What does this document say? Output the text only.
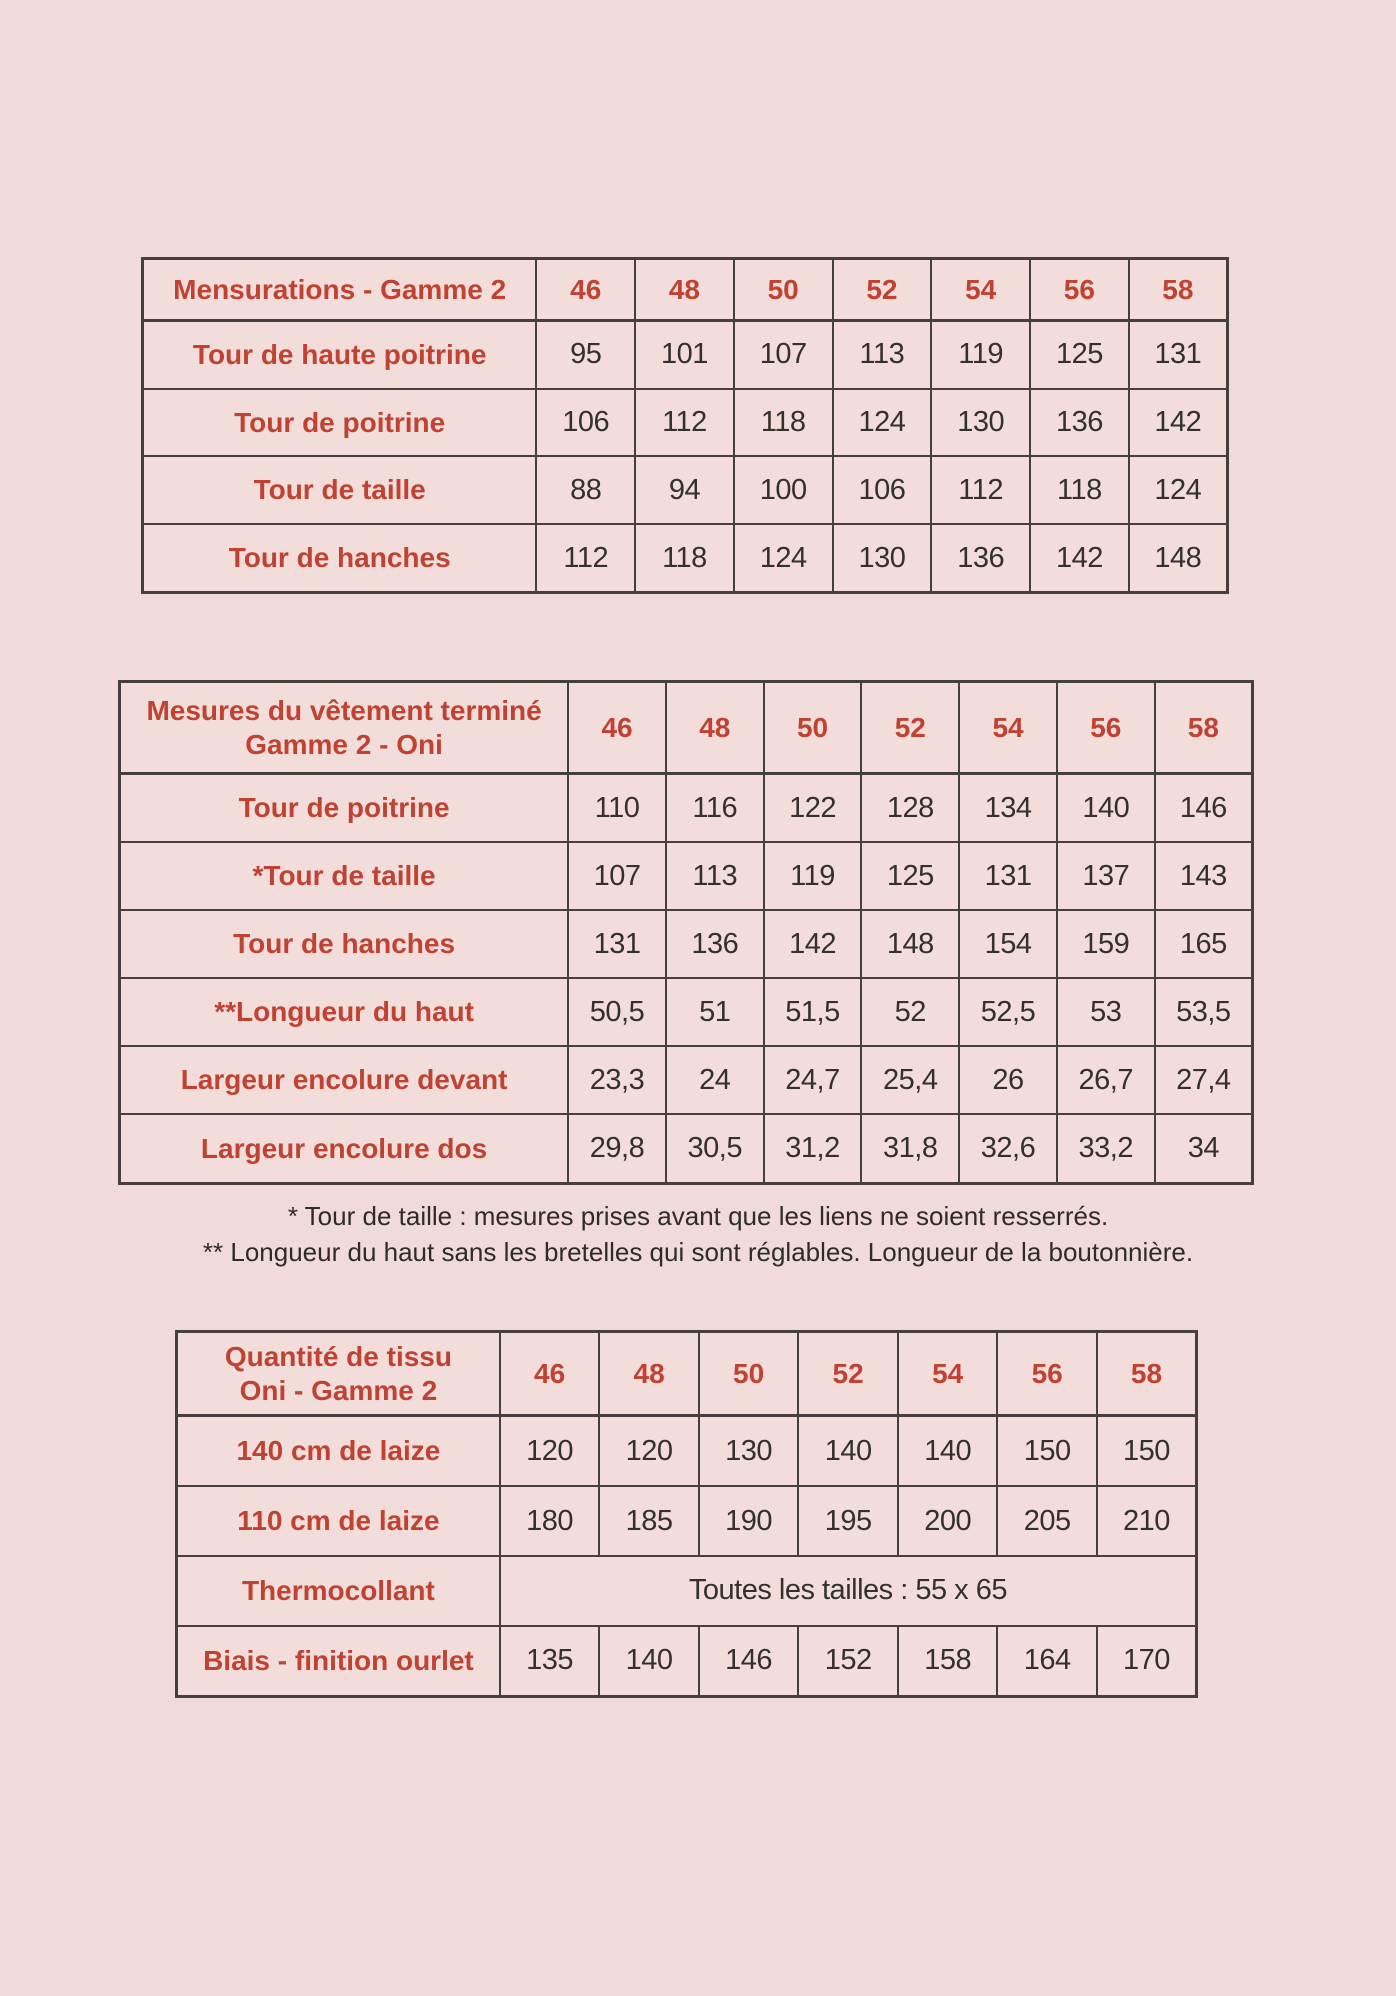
Mensurations - Gamme 2	46	48	50	52	54	56	58
Tour de haute poitrine	95	101	107	113	119	125	131
Tour de poitrine	106	112	118	124	130	136	142
Tour de taille	88	94	100	106	112	118	124
Tour de hanches	112	118	124	130	136	142	148
Mesures du vêtement terminé
Gamme 2 - Oni	46	48	50	52	54	56	58
Tour de poitrine	110	116	122	128	134	140	146
*Tour de taille	107	113	119	125	131	137	143
Tour de hanches	131	136	142	148	154	159	165
**Longueur du haut	50,5	51	51,5	52	52,5	53	53,5
Largeur encolure devant	23,3	24	24,7	25,4	26	26,7	27,4
Largeur encolure dos	29,8	30,5	31,2	31,8	32,6	33,2	34

* Tour de taille : mesures prises avant que les liens ne soient resserrés.

** Longueur du haut sans les bretelles qui sont réglables. Longueur de la boutonnière.

Quantité de tissu
Oni - Gamme 2	46	48	50	52	54	56	58
140 cm de laize	120	120	130	140	140	150	150
110 cm de laize	180	185	190	195	200	205	210
Thermocollant	Toutes les tailles : 55 x 65						
Biais - finition ourlet	135	140	146	152	158	164	170
